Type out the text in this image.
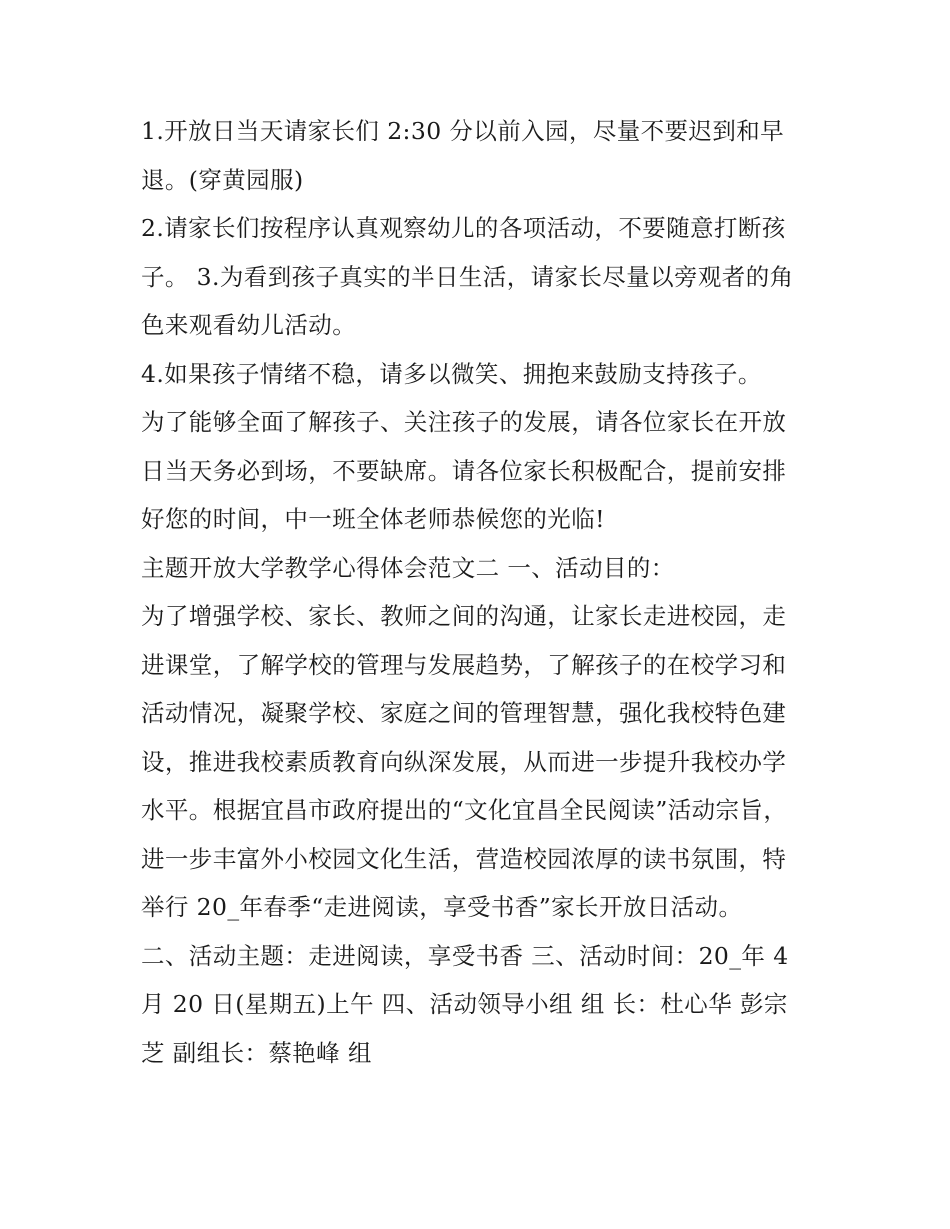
1.开放日当天请家长们 2:30 分以前入园，尽量不要迟到和早
退。(穿黄园服)
2.请家长们按程序认真观察幼儿的各项活动，不要随意打断孩
子。 3.为看到孩子真实的半日生活，请家长尽量以旁观者的角
色来观看幼儿活动。
4.如果孩子情绪不稳，请多以微笑、拥抱来鼓励支持孩子。
为了能够全面了解孩子、关注孩子的发展，请各位家长在开放
日当天务必到场，不要缺席。请各位家长积极配合，提前安排
好您的时间，中一班全体老师恭候您的光临!
主题开放大学教学心得体会范文二 一、活动目的：
为了增强学校、家长、教师之间的沟通，让家长走进校园，走
进课堂，了解学校的管理与发展趋势，了解孩子的在校学习和
活动情况，凝聚学校、家庭之间的管理智慧，强化我校特色建
设，推进我校素质教育向纵深发展，从而进一步提升我校办学
水平。根据宜昌市政府提出的“文化宜昌全民阅读”活动宗旨，
进一步丰富外小校园文化生活，营造校园浓厚的读书氛围，特
举行 20_年春季“走进阅读，享受书香”家长开放日活动。
二、活动主题：走进阅读，享受书香 三、活动时间：20_年 4
月 20 日(星期五)上午 四、活动领导小组 组 长：杜心华 彭宗
芝 副组长：蔡艳峰 组
